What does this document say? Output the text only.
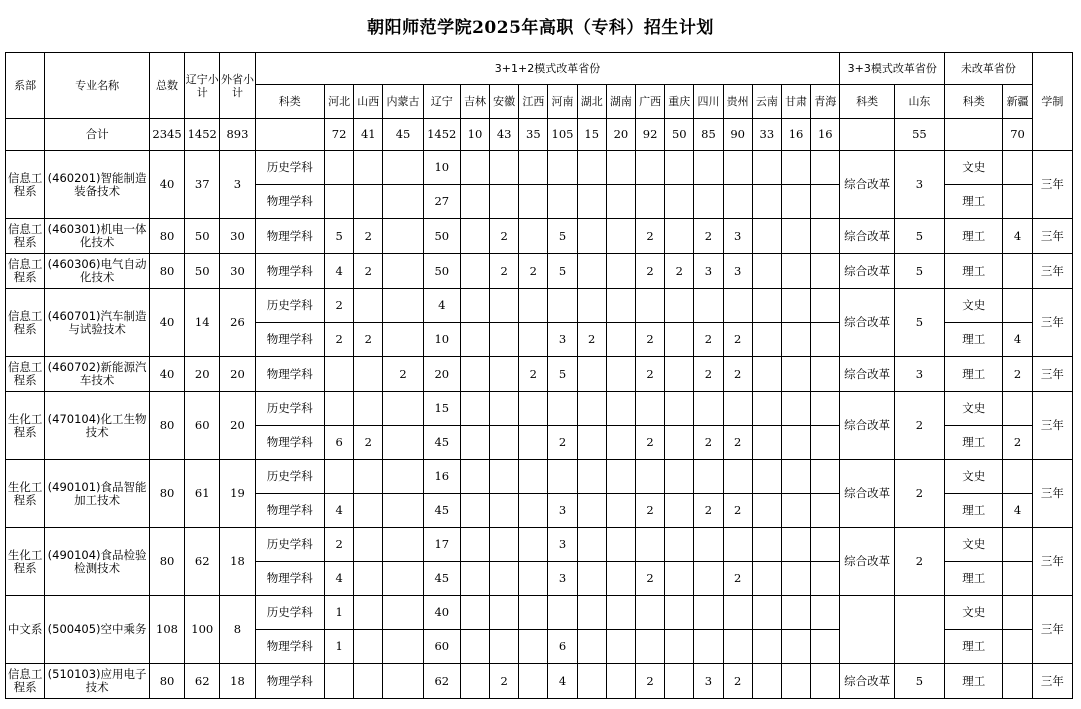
朝阳师范学院2025年高职（专科）招生计划
系部	专业名称	总数	辽宁小计	外省小计	3+1+2模式改革省份																		3+3模式改革省份		未改革省份		学制
					科类	河北	山西	内蒙古	辽宁	吉林	安徽	江西	河南	湖北	湖南	广西	重庆	四川	贵州	云南	甘肃	青海	科类	山东	科类	新疆	
	合计	2345	1452	893		72	41	45	1452	10	43	35	105	15	20	92	50	85	90	33	16	16		55		70	
信息工程系	(460201)智能制造装备技术	40	37	3	历史学科				10														综合改革	3	文史		三年
					物理学科				27																理工		
信息工程系	(460301)机电一体化技术	80	50	30	物理学科	5	2		50		2		5			2		2	3				综合改革	5	理工	4	三年
信息工程系	(460306)电气自动化技术	80	50	30	物理学科	4	2		50		2	2	5			2	2	3	3				综合改革	5	理工		三年
信息工程系	(460701)汽车制造与试验技术	40	14	26	历史学科	2			4														综合改革	5	文史		三年
					物理学科	2	2		10				3	2		2		2	2						理工	4	
信息工程系	(460702)新能源汽车技术	40	20	20	物理学科			2	20			2	5			2		2	2				综合改革	3	理工	2	三年
生化工程系	(470104)化工生物技术	80	60	20	历史学科				15														综合改革	2	文史		三年
					物理学科	6	2		45				2			2		2	2						理工	2	
生化工程系	(490101)食品智能加工技术	80	61	19	历史学科				16														综合改革	2	文史		三年
					物理学科	4			45				3			2		2	2						理工	4	
生化工程系	(490104)食品检验检测技术	80	62	18	历史学科	2			17				3										综合改革	2	文史		三年
					物理学科	4			45				3			2			2						理工		
中文系	(500405)空中乘务	108	100	8	历史学科	1			40																文史		三年
					物理学科	1			60				6												理工		
信息工程系	(510103)应用电子技术	80	62	18	物理学科				62		2		4			2		3	2				综合改革	5	理工		三年
